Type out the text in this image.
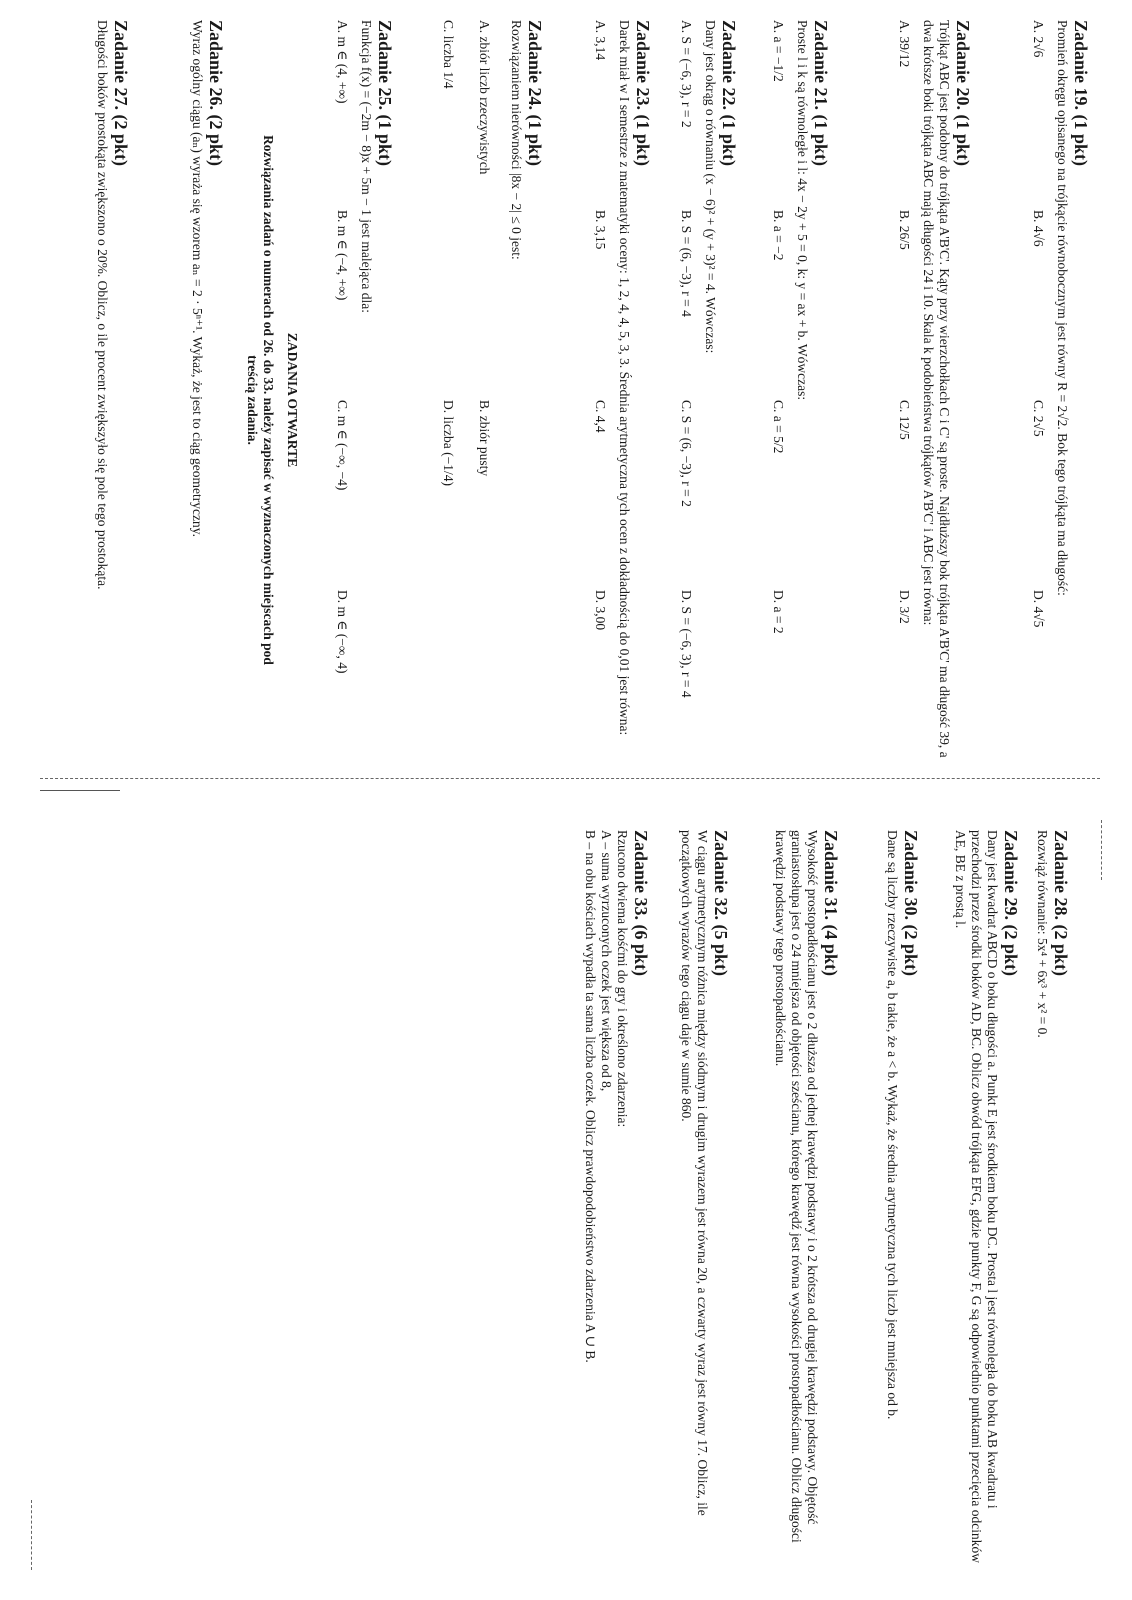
Zadanie 19. (1 pkt)
Promień okręgu opisanego na trójkącie równobocznym jest równy R = 2√2. Bok tego trójkąta ma długość:
A. 2√6
B. 4√6
C. 2√5
D. 4√5
Zadanie 20. (1 pkt)
Trójkąt ABC jest podobny do trójkąta A'B'C'. Kąty przy wierzchołkach C i C' są proste. Najdłuższy bok trójkąta A'B'C' ma długość 39, a dwa krótsze boki trójkąta ABC mają długości 24 i 10. Skala k podobieństwa trójkątów A'B'C' i ABC jest równa:
A. 39/12
B. 26/5
C. 12/5
D. 3/2
Zadanie 21. (1 pkt)
Proste l i k są równoległe i l: 4x − 2y + 5 = 0, k: y = ax + b. Wówczas:
A. a = −1/2
B. a = −2
C. a = 5/2
D. a = 2
Zadanie 22. (1 pkt)
Dany jest okrąg o równaniu (x − 6)² + (y + 3)² = 4. Wówczas:
A. S = (−6, 3), r = 2
B. S = (6, −3), r = 4
C. S = (6, −3), r = 2
D. S = (−6, 3), r = 4
Zadanie 23. (1 pkt)
Darek miał w I semestrze z matematyki oceny: 1, 2, 4, 4, 5, 3, 3. Średnia arytmetyczna tych ocen z dokładnością do 0,01 jest równa:
A. 3,14
B. 3,15
C. 4,4
D. 3,00
Zadanie 24. (1 pkt)
Rozwiązaniem nierówności |8x − 2| ≤ 0 jest:
A. zbiór liczb rzeczywistych
B. zbiór pusty
C. liczba 1/4
D. liczba (−1/4)
Zadanie 25. (1 pkt)
Funkcja f(x) = (−2m − 8)x + 5m − 1 jest malejąca dla:
A. m ∈ (4, +∞)
B. m ∈ (−4, +∞)
C. m ∈ (−∞, −4)
D. m ∈ (−∞, 4)
ZADANIA OTWARTE
Rozwiązania zadań o numerach od 26. do 33. należy zapisać w wyznaczonych miejscach pod treścią zadania.
Zadanie 26. (2 pkt)
Wyraz ogólny ciągu (aₙ) wyraża się wzorem aₙ = 2 · 5ⁿ⁺¹. Wykaż, że jest to ciąg geometryczny.
Zadanie 27. (2 pkt)
Długości boków prostokąta zwiększono o 20%. Oblicz, o ile procent zwiększyło się pole tego prostokąta.
Zadanie 28. (2 pkt)
Rozwiąż równanie: 5x⁴ + 6x³ + x² = 0.
Zadanie 29. (2 pkt)
Dany jest kwadrat ABCD o boku długości a. Punkt E jest środkiem boku DC. Prosta l jest równoległa do boku AB kwadratu i przechodzi przez środki boków AD, BC. Oblicz obwód trójkąta EFG, gdzie punkty F, G są odpowiednio punktami przecięcia odcinków AE, BE z prostą l.
Zadanie 30. (2 pkt)
Dane są liczby rzeczywiste a, b takie, że a < b. Wykaż, że średnia arytmetyczna tych liczb jest mniejsza od b.
Zadanie 31. (4 pkt)
Wysokość prostopadłościanu jest o 2 dłuższa od jednej krawędzi podstawy i o 2 krótsza od drugiej krawędzi podstawy. Objętość graniastosłupa jest o 24 mniejsza od objętości sześcianu, którego krawędź jest równa wysokości prostopadłościanu. Oblicz długości krawędzi podstawy tego prostopadłościanu.
Zadanie 32. (5 pkt)
W ciągu arytmetycznym różnica między siódmym i drugim wyrazem jest równa 20, a czwarty wyraz jest równy 17. Oblicz, ile początkowych wyrazów tego ciągu daje w sumie 860.
Zadanie 33. (6 pkt)
Rzucono dwiema kośćmi do gry i określono zdarzenia:
A – suma wyrzuconych oczek jest większa od 8,
B – na obu kościach wypadła ta sama liczba oczek. Oblicz prawdopodobieństwo zdarzenia A ∪ B.
